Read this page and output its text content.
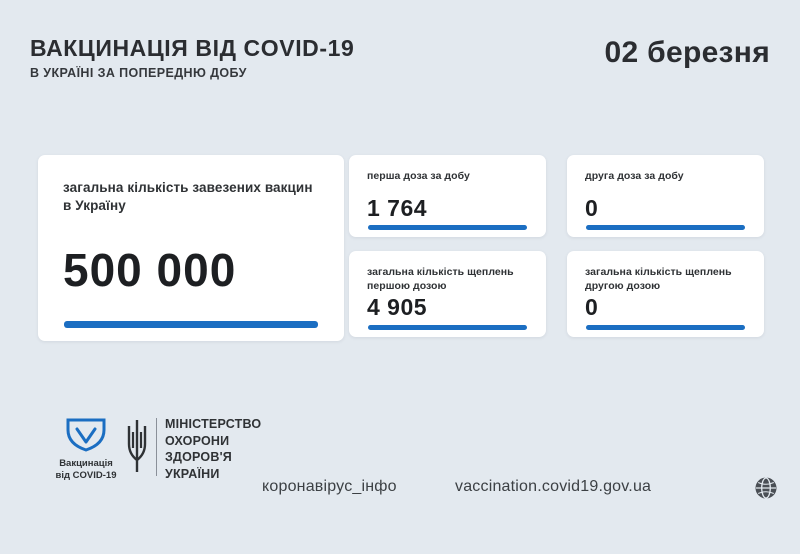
ВАКЦИНАЦІЯ ВІД COVID-19
В УКРАЇНІ ЗА ПОПЕРЕДНЮ ДОБУ
02 березня
загальна кількість завезених вакцин в Україну
500 000
перша доза за добу
1 764
друга доза за добу
0
загальна кількість щеплень першою дозою
4 905
загальна кількість щеплень другою дозою
0
Вакцинація
від COVID-19
МІНІСТЕРСТВО
ОХОРОНИ
ЗДОРОВ'Я
УКРАЇНИ
коронавірус_інфо	vaccination.covid19.gov.ua
